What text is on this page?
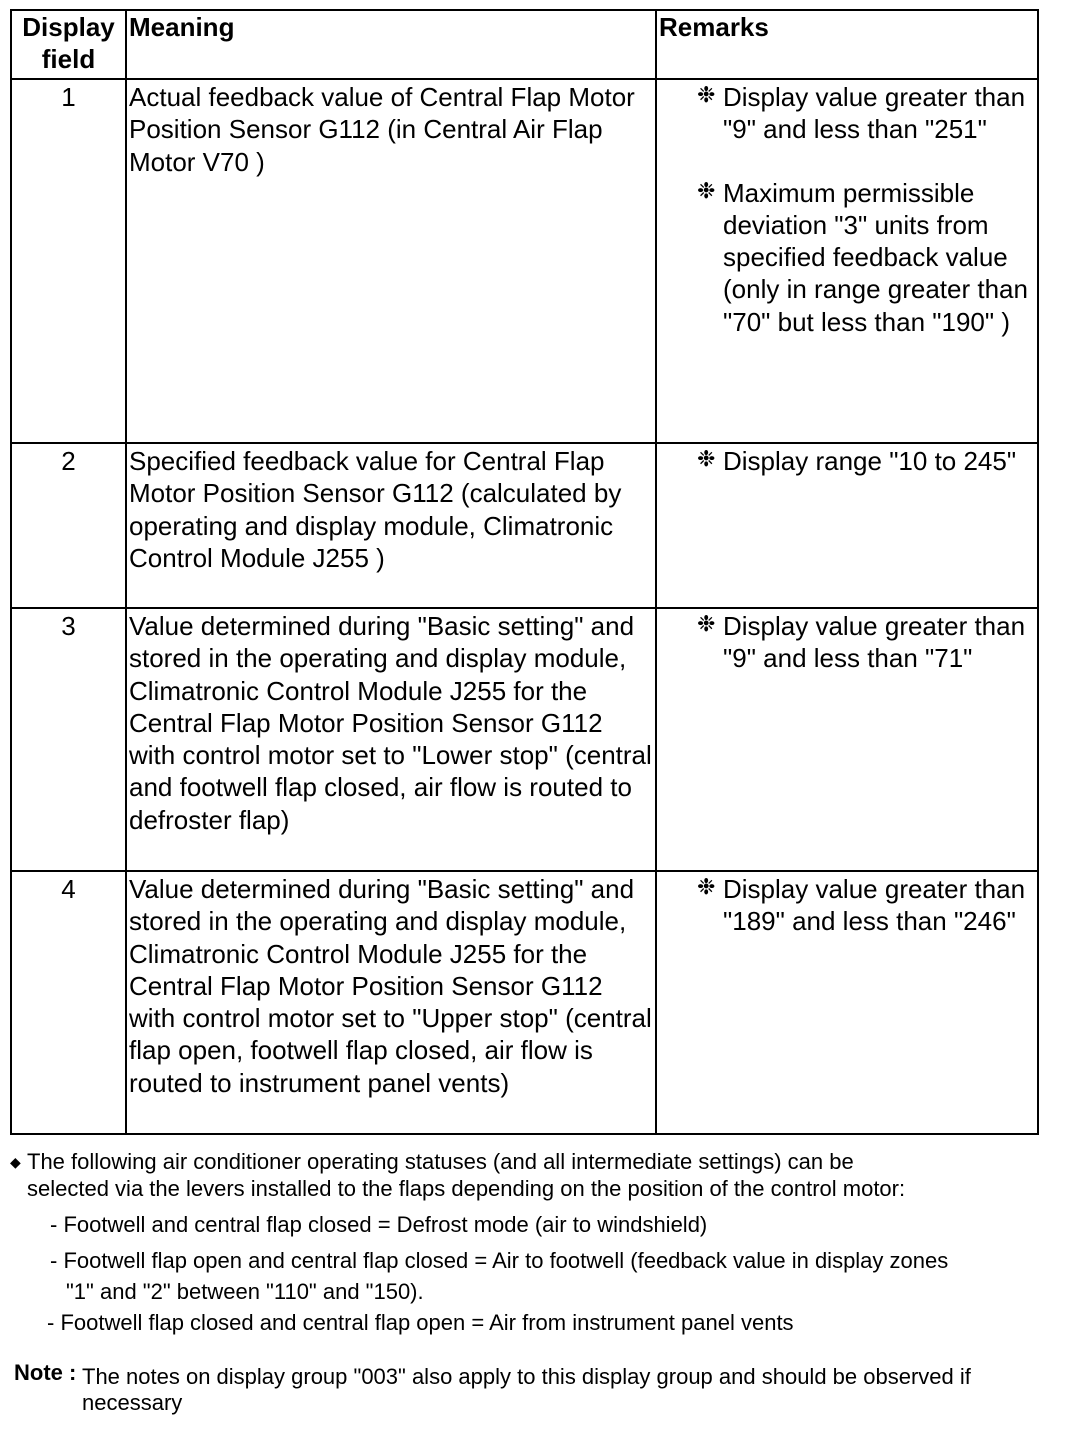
Display
field	Meaning	Remarks
1	Actual feedback value of Central Flap Motor Position Sensor G112 (in Central Air Flap Motor V70 )	❉ Display value greater than "9" and less than "251"
❉ Maximum permissible deviation "3" units from specified feedback value (only in range greater than "70" but less than "190" )

2	Specified feedback value for Central Flap Motor Position Sensor G112 (calculated by operating and display module, Climatronic Control Module J255 )	❉ Display range "10 to 245"

3	Value determined during "Basic setting" and stored in the operating and display module, Climatronic Control Module J255 for the Central Flap Motor Position Sensor G112 with control motor set to "Lower stop" (central and footwell flap closed, air flow is routed to defroster flap)	❉ Display value greater than "9" and less than "71"

4	Value determined during "Basic setting" and stored in the operating and display module, Climatronic Control Module J255 for the Central Flap Motor Position Sensor G112 with control motor set to "Upper stop" (central flap open, footwell flap closed, air flow is routed to instrument panel vents)	❉ Display value greater than "189" and less than "246"
◆ The following air conditioner operating statuses (and all intermediate settings) can be selected via the levers installed to the flaps depending on the position of the control motor:
- Footwell and central flap closed = Defrost mode (air to windshield)
- Footwell flap open and central flap closed = Air to footwell (feedback value in display zones
"1" and "2" between "110" and "150).
- Footwell flap closed and central flap open = Air from instrument panel vents
Note : The notes on display group "003" also apply to this display group and should be observed if
necessary
